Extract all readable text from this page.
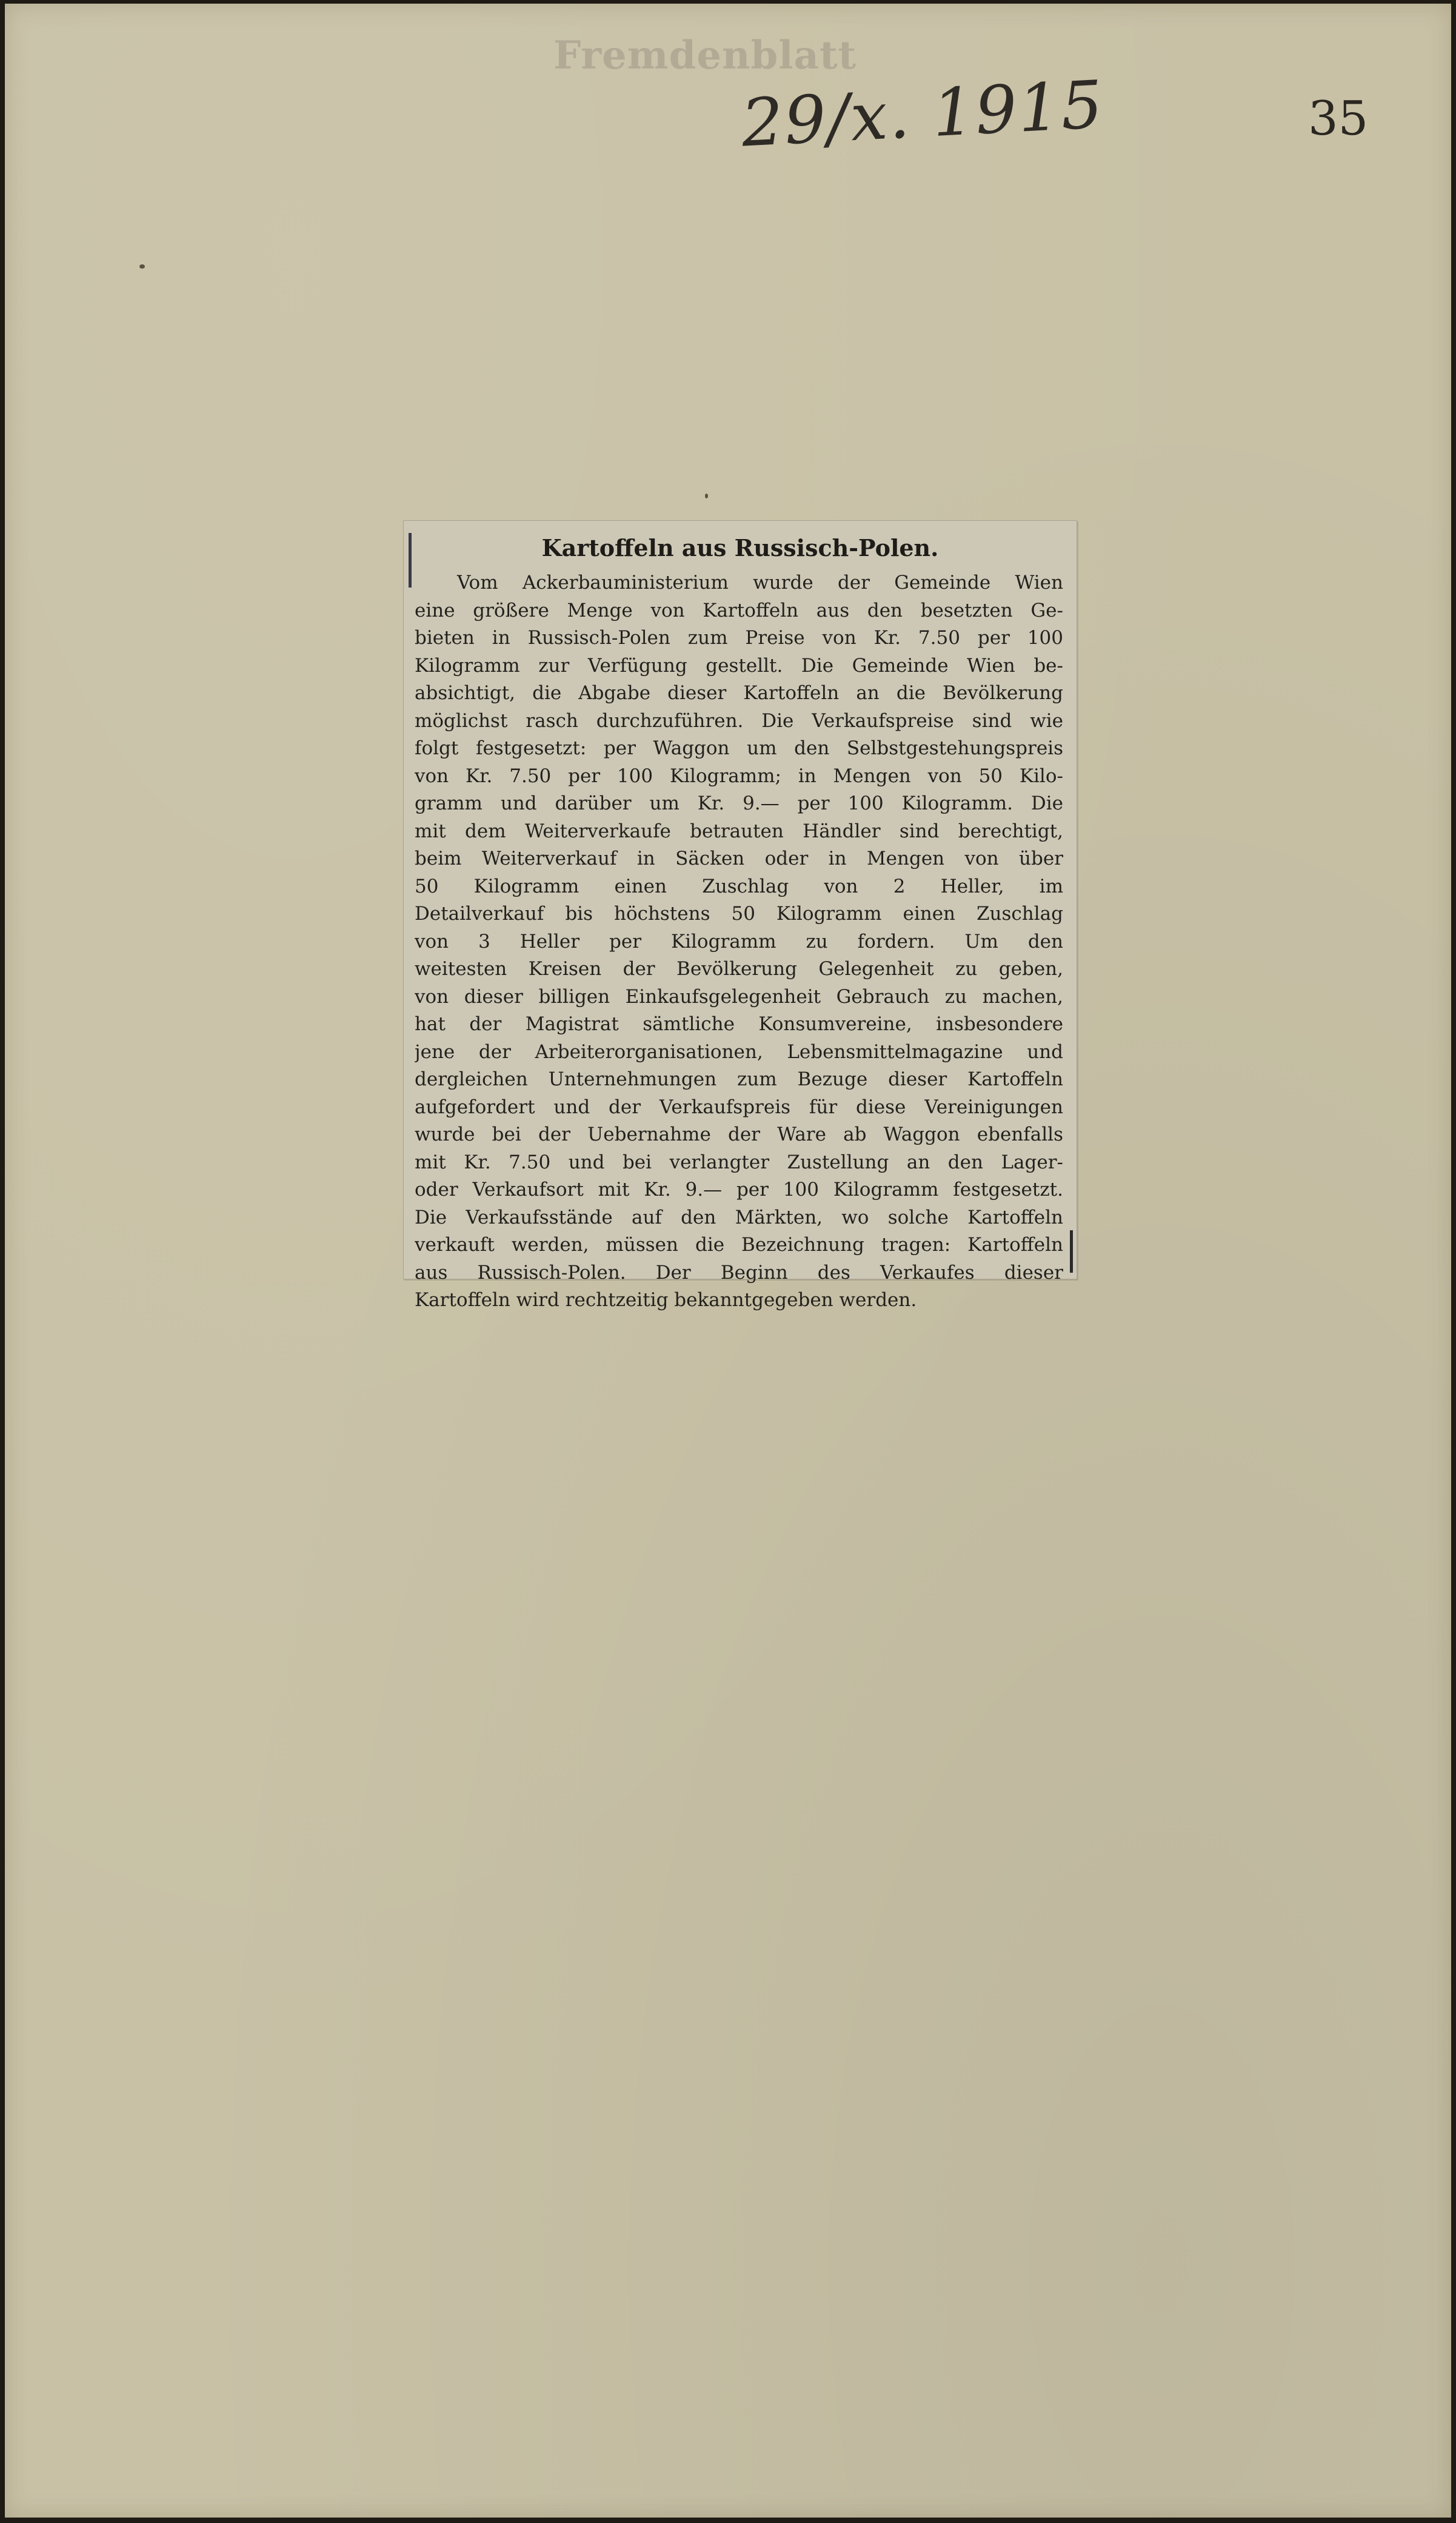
Fremdenblatt
29/x. 1915	35
Kartoffeln aus Russisch-Polen.
Vom Ackerbauministerium wurde der Gemeinde Wien
eine größere Menge von Kartoffeln aus den besetzten Ge-
bieten in Russisch-Polen zum Preise von Kr. 7.50 per 100
Kilogramm zur Verfügung gestellt. Die Gemeinde Wien be-
absichtigt, die Abgabe dieser Kartoffeln an die Bevölkerung
möglichst rasch durchzuführen. Die Verkaufspreise sind wie
folgt festgesetzt: per Waggon um den Selbstgestehungspreis
von Kr. 7.50 per 100 Kilogramm; in Mengen von 50 Kilo-
gramm und darüber um Kr. 9.— per 100 Kilogramm. Die
mit dem Weiterverkaufe betrauten Händler sind berechtigt,
beim Weiterverkauf in Säcken oder in Mengen von über
50 Kilogramm einen Zuschlag von 2 Heller, im
Detailverkauf bis höchstens 50 Kilogramm einen Zuschlag
von 3 Heller per Kilogramm zu fordern. Um den
weitesten Kreisen der Bevölkerung Gelegenheit zu geben,
von dieser billigen Einkaufsgelegenheit Gebrauch zu machen,
hat der Magistrat sämtliche Konsumvereine, insbesondere
jene der Arbeiterorganisationen, Lebensmittelmagazine und
dergleichen Unternehmungen zum Bezuge dieser Kartoffeln
aufgefordert und der Verkaufspreis für diese Vereinigungen
wurde bei der Uebernahme der Ware ab Waggon ebenfalls
mit Kr. 7.50 und bei verlangter Zustellung an den Lager-
oder Verkaufsort mit Kr. 9.— per 100 Kilogramm festgesetzt.
Die Verkaufsstände auf den Märkten, wo solche Kartoffeln
verkauft werden, müssen die Bezeichnung tragen: Kartoffeln
aus Russisch-Polen. Der Beginn des Verkaufes dieser
Kartoffeln wird rechtzeitig bekanntgegeben werden.
